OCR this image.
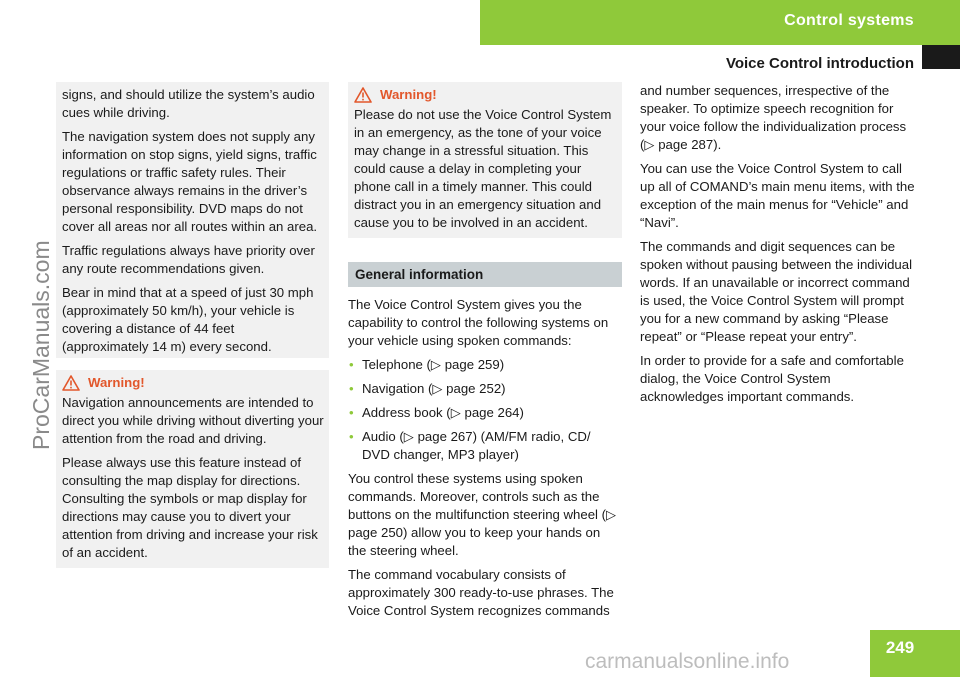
Control systems
Voice Control introduction
ProCarManuals.com

signs, and should utilize the system’s audio cues while driving.

The navigation system does not supply any information on stop signs, yield signs, traffic regulations or traffic safety rules. Their observance always remains in the driver’s personal responsibility. DVD maps do not cover all areas nor all routes within an area.

Traffic regulations always have priority over any route recommendations given.

Bear in mind that at a speed of just 30 mph (approximately 50 km/h), your vehicle is covering a distance of 44 feet (approximately 14 m) every second.

Warning!

Navigation announcements are intended to direct you while driving without diverting your attention from the road and driving.

Please always use this feature instead of consulting the map display for directions. Consulting the symbols or map display for directions may cause you to divert your attention from driving and increase your risk of an accident.

Warning!

Please do not use the Voice Control System in an emergency, as the tone of your voice may change in a stressful situation. This could cause a delay in completing your phone call in a timely manner. This could distract you in an emergency situation and cause you to be involved in an accident.

General information

The Voice Control System gives you the capability to control the following systems on your vehicle using spoken commands:

• Telephone (▷ page 259)
• Navigation (▷ page 252)
• Address book (▷ page 264)
• Audio (▷ page 267) (AM/FM radio, CD/ DVD changer, MP3 player)

You control these systems using spoken commands. Moreover, controls such as the buttons on the multifunction steering wheel (▷ page 250) allow you to keep your hands on the steering wheel.

The command vocabulary consists of approximately 300 ready-to-use phrases. The Voice Control System recognizes commands

and number sequences, irrespective of the speaker. To optimize speech recognition for your voice follow the individualization process (▷ page 287).

You can use the Voice Control System to call up all of COMAND’s main menu items, with the exception of the main menus for “Vehicle” and “Navi”.

The commands and digit sequences can be spoken without pausing between the individual words. If an unavailable or incorrect command is used, the Voice Control System will prompt you for a new command by asking “Please repeat” or “Please repeat your entry”.

In order to provide for a safe and comfortable dialog, the Voice Control System acknowledges important commands.

249
carmanualsonline.info
